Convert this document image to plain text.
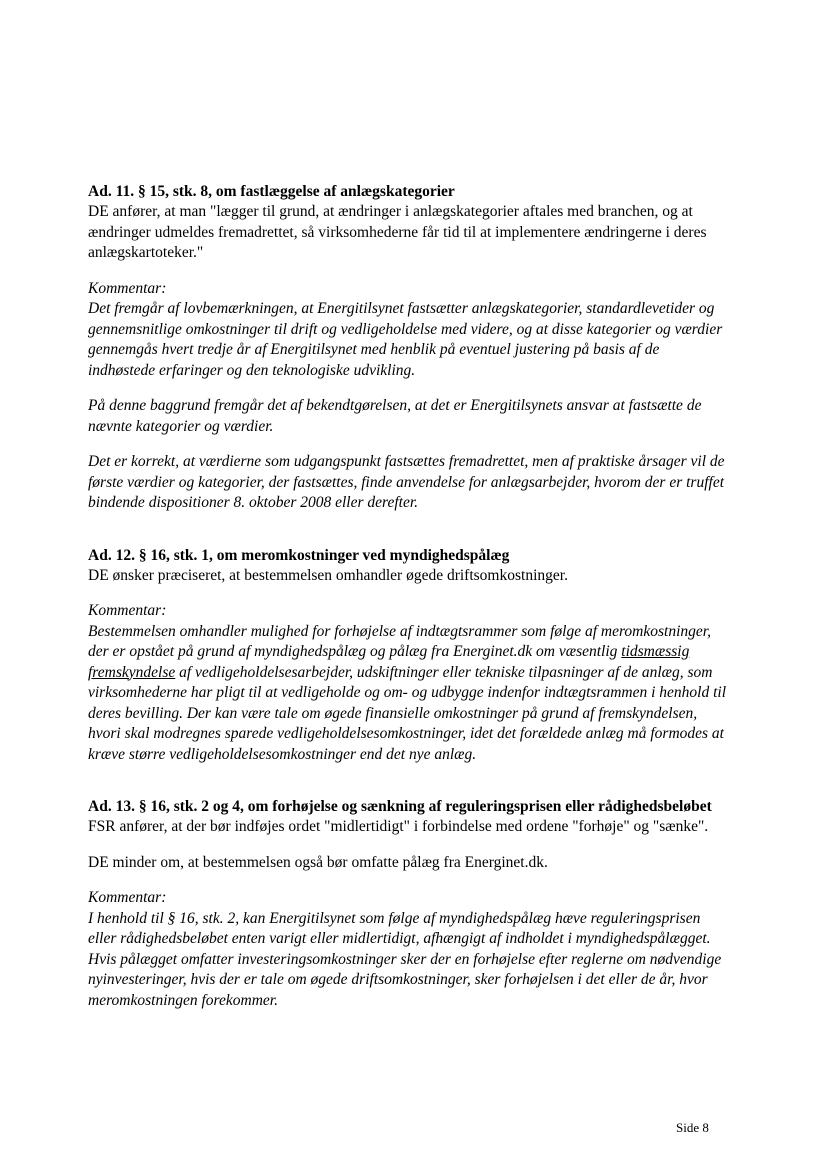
Ad. 11. § 15, stk. 8, om fastlæggelse af anlægskategorier

DE anfører, at man "lægger til grund, at ændringer i anlægskategorier aftales med branchen, og at ændringer udmeldes fremadrettet, så virksomhederne får tid til at implementere ændringerne i deres anlægskartoteker."

Kommentar:

Det fremgår af lovbemærkningen, at Energitilsynet fastsætter anlægskategorier, standardlevetider og gennemsnitlige omkostninger til drift og vedligeholdelse med videre, og at disse kategorier og værdier gennemgås hvert tredje år af Energitilsynet med henblik på eventuel justering på basis af de indhøstede erfaringer og den teknologiske udvikling.

På denne baggrund fremgår det af bekendtgørelsen, at det er Energitilsynets ansvar at fastsætte de nævnte kategorier og værdier.

Det er korrekt, at værdierne som udgangspunkt fastsættes fremadrettet, men af praktiske årsager vil de første værdier og kategorier, der fastsættes, finde anvendelse for anlægsarbejder, hvorom der er truffet bindende dispositioner 8. oktober 2008 eller derefter.

Ad. 12. § 16, stk. 1, om meromkostninger ved myndighedspålæg

DE ønsker præciseret, at bestemmelsen omhandler øgede driftsomkostninger.

Kommentar:

Bestemmelsen omhandler mulighed for forhøjelse af indtægtsrammer som følge af meromkostninger, der er opstået på grund af myndighedspålæg og pålæg fra Energinet.dk om væsentlig tidsmæssig fremskyndelse af vedligeholdelsesarbejder, udskiftninger eller tekniske tilpasninger af de anlæg, som virksomhederne har pligt til at vedligeholde og om- og udbygge indenfor indtægtsrammen i henhold til deres bevilling. Der kan være tale om øgede finansielle omkostninger på grund af fremskyndelsen, hvori skal modregnes sparede vedligeholdelsesomkostninger, idet det forældede anlæg må formodes at kræve større vedligeholdelsesomkostninger end det nye anlæg.

Ad. 13. § 16, stk. 2 og 4, om forhøjelse og sænkning af reguleringsprisen eller rådighedsbeløbet

FSR anfører, at der bør indføjes ordet "midlertidigt" i forbindelse med ordene "forhøje" og "sænke".

DE minder om, at bestemmelsen også bør omfatte pålæg fra Energinet.dk.

Kommentar:

I henhold til § 16, stk. 2, kan Energitilsynet som følge af myndighedspålæg hæve reguleringsprisen eller rådighedsbeløbet enten varigt eller midlertidigt, afhængigt af indholdet i myndighedspålægget. Hvis pålægget omfatter investeringsomkostninger sker der en forhøjelse efter reglerne om nødvendige nyinvesteringer, hvis der er tale om øgede driftsomkostninger, sker forhøjelsen i det eller de år, hvor meromkostningen forekommer.

Side 8
